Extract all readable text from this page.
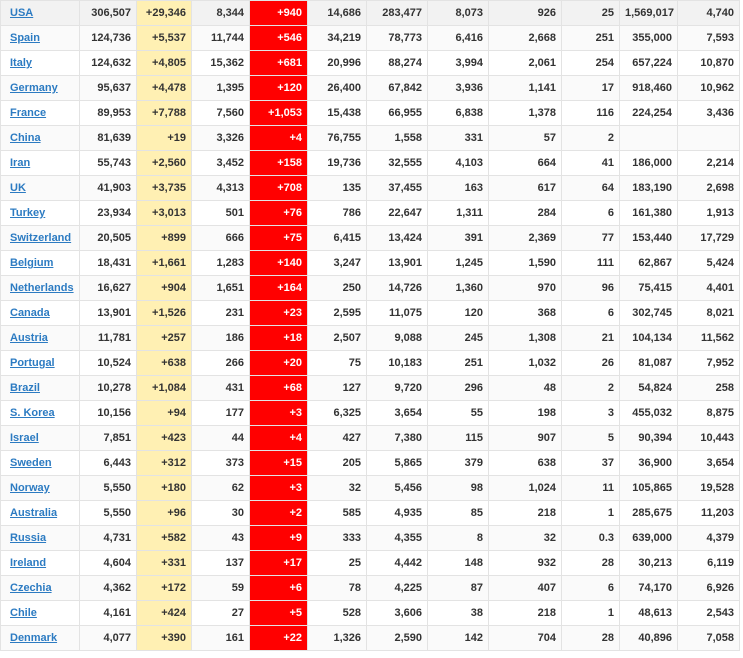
USA	306,507	+29,346	8,344	+940	14,686	283,477	8,073	926	25	1,569,017	4,740
Spain	124,736	+5,537	11,744	+546	34,219	78,773	6,416	2,668	251	355,000	7,593
Italy	124,632	+4,805	15,362	+681	20,996	88,274	3,994	2,061	254	657,224	10,870
Germany	95,637	+4,478	1,395	+120	26,400	67,842	3,936	1,141	17	918,460	10,962
France	89,953	+7,788	7,560	+1,053	15,438	66,955	6,838	1,378	116	224,254	3,436
China	81,639	+19	3,326	+4	76,755	1,558	331	57	2		
Iran	55,743	+2,560	3,452	+158	19,736	32,555	4,103	664	41	186,000	2,214
UK	41,903	+3,735	4,313	+708	135	37,455	163	617	64	183,190	2,698
Turkey	23,934	+3,013	501	+76	786	22,647	1,311	284	6	161,380	1,913
Switzerland	20,505	+899	666	+75	6,415	13,424	391	2,369	77	153,440	17,729
Belgium	18,431	+1,661	1,283	+140	3,247	13,901	1,245	1,590	111	62,867	5,424
Netherlands	16,627	+904	1,651	+164	250	14,726	1,360	970	96	75,415	4,401
Canada	13,901	+1,526	231	+23	2,595	11,075	120	368	6	302,745	8,021
Austria	11,781	+257	186	+18	2,507	9,088	245	1,308	21	104,134	11,562
Portugal	10,524	+638	266	+20	75	10,183	251	1,032	26	81,087	7,952
Brazil	10,278	+1,084	431	+68	127	9,720	296	48	2	54,824	258
S. Korea	10,156	+94	177	+3	6,325	3,654	55	198	3	455,032	8,875
Israel	7,851	+423	44	+4	427	7,380	115	907	5	90,394	10,443
Sweden	6,443	+312	373	+15	205	5,865	379	638	37	36,900	3,654
Norway	5,550	+180	62	+3	32	5,456	98	1,024	11	105,865	19,528
Australia	5,550	+96	30	+2	585	4,935	85	218	1	285,675	11,203
Russia	4,731	+582	43	+9	333	4,355	8	32	0.3	639,000	4,379
Ireland	4,604	+331	137	+17	25	4,442	148	932	28	30,213	6,119
Czechia	4,362	+172	59	+6	78	4,225	87	407	6	74,170	6,926
Chile	4,161	+424	27	+5	528	3,606	38	218	1	48,613	2,543
Denmark	4,077	+390	161	+22	1,326	2,590	142	704	28	40,896	7,058
